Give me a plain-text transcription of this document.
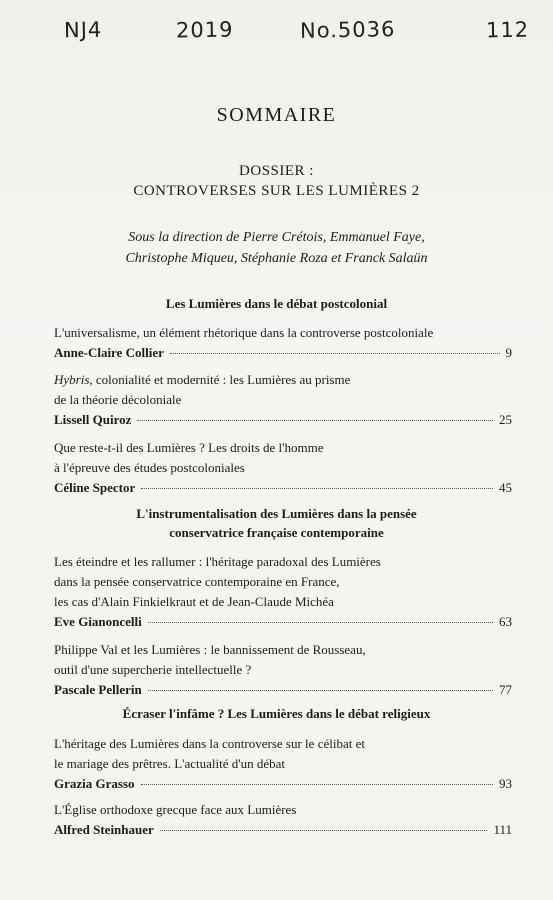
NJ4	2019	No.5036	112
SOMMAIRE
DOSSIER :
CONTROVERSES SUR LES LUMIÈRES 2
Sous la direction de Pierre Crétois, Emmanuel Faye,
Christophe Miqueu, Stéphanie Roza et Franck Salaün
Les Lumières dans le débat postcolonial
L'universalisme, un élément rhétorique dans la controverse postcoloniale
Anne-Claire Collier	9
Hybris, colonialité et modernité : les Lumières au prisme
de la théorie décoloniale
Lissell Quiroz	25
Que reste-t-il des Lumières ? Les droits de l'homme
à l'épreuve des études postcoloniales
Céline Spector	45
L'instrumentalisation des Lumières dans la pensée
conservatrice française contemporaine
Les éteindre et les rallumer : l'héritage paradoxal des Lumières
dans la pensée conservatrice contemporaine en France,
les cas d'Alain Finkielkraut et de Jean-Claude Michéa
Eve Gianoncelli	63
Philippe Val et les Lumières : le bannissement de Rousseau,
outil d'une supercherie intellectuelle ?
Pascale Pellerin	77
Écraser l'infâme ? Les Lumières dans le débat religieux
L'héritage des Lumières dans la controverse sur le célibat et
le mariage des prêtres. L'actualité d'un débat
Grazia Grasso	93
L'Église orthodoxe grecque face aux Lumières
Alfred Steinhauer	111
